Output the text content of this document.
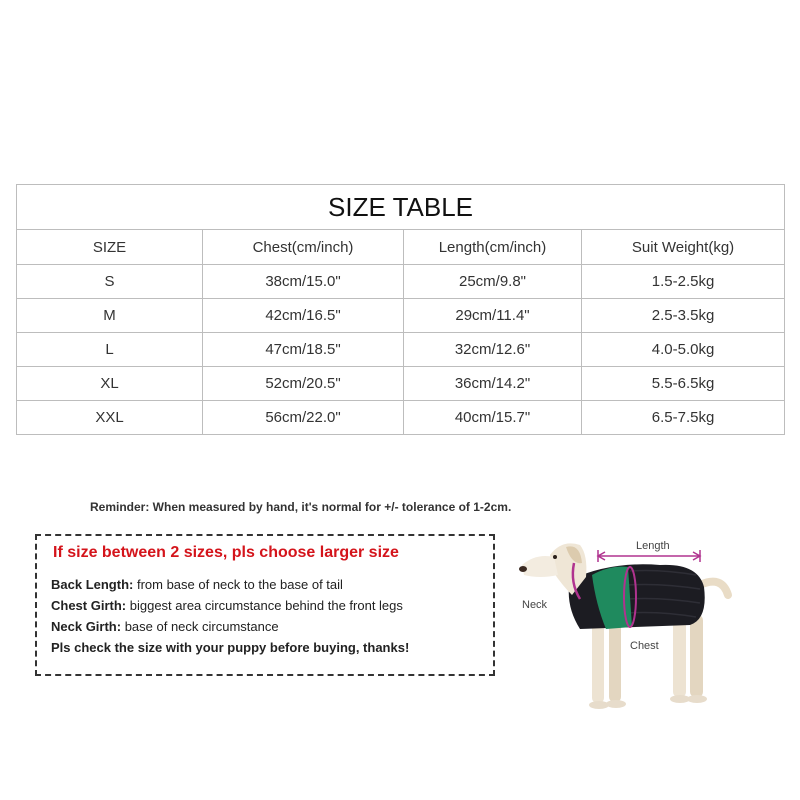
SIZE TABLE			
SIZE	Chest(cm/inch)	Length(cm/inch)	Suit Weight(kg)
S	38cm/15.0"	25cm/9.8"	1.5-2.5kg
M	42cm/16.5"	29cm/11.4"	2.5-3.5kg
L	47cm/18.5"	32cm/12.6"	4.0-5.0kg
XL	52cm/20.5"	36cm/14.2"	5.5-6.5kg
XXL	56cm/22.0"	40cm/15.7"	6.5-7.5kg
Reminder: When measured by hand, it's normal for +/- tolerance of 1-2cm.
If size between 2 sizes, pls choose larger size
Back Length: from base of neck to the base of tail
Chest Girth: biggest area circumstance behind the front legs
Neck Girth: base of neck circumstance
Pls check the size with your puppy before buying, thanks!
Length
Neck
Chest
